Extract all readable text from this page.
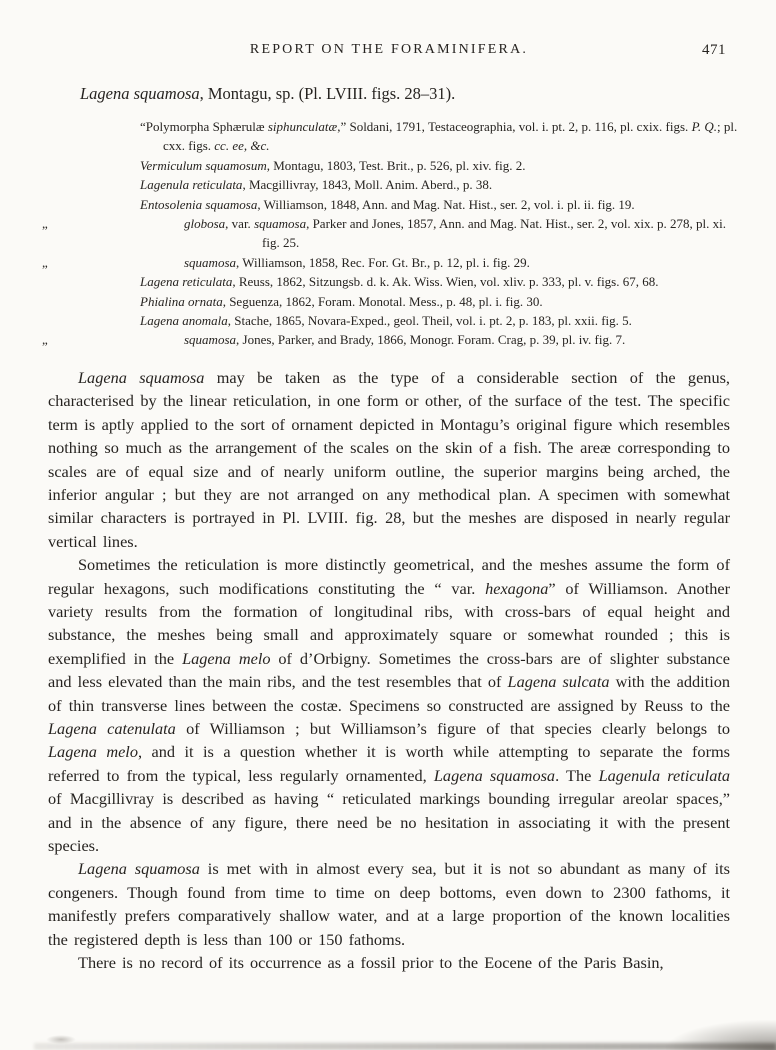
REPORT ON THE FORAMINIFERA.	471

Lagena squamosa, Montagu, sp. (Pl. LVIII. figs. 28–31).

“Polymorpha Sphærulæ siphunculatæ,” Soldani, 1791, Testaceographia, vol. i. pt. 2, p. 116, pl. cxix. figs. P. Q.; pl. cxx. figs. cc. ee, &c.
Vermiculum squamosum, Montagu, 1803, Test. Brit., p. 526, pl. xiv. fig. 2.
Lagenula reticulata, Macgillivray, 1843, Moll. Anim. Aberd., p. 38.
Entosolenia squamosa, Williamson, 1848, Ann. and Mag. Nat. Hist., ser. 2, vol. i. pl. ii. fig. 19.
„	globosa, var. squamosa, Parker and Jones, 1857, Ann. and Mag. Nat. Hist., ser. 2, vol. xix. p. 278, pl. xi. fig. 25.
„	squamosa, Williamson, 1858, Rec. For. Gt. Br., p. 12, pl. i. fig. 29.
Lagena reticulata, Reuss, 1862, Sitzungsb. d. k. Ak. Wiss. Wien, vol. xliv. p. 333, pl. v. figs. 67, 68.
Phialina ornata, Seguenza, 1862, Foram. Monotal. Mess., p. 48, pl. i. fig. 30.
Lagena anomala, Stache, 1865, Novara-Exped., geol. Theil, vol. i. pt. 2, p. 183, pl. xxii. fig. 5.
„	squamosa, Jones, Parker, and Brady, 1866, Monogr. Foram. Crag, p. 39, pl. iv. fig. 7.
Lagena squamosa may be taken as the type of a considerable section of the genus, characterised by the linear reticulation, in one form or other, of the surface of the test. The specific term is aptly applied to the sort of ornament depicted in Montagu’s original figure which resembles nothing so much as the arrangement of the scales on the skin of a fish. The areæ corresponding to scales are of equal size and of nearly uniform outline, the superior margins being arched, the inferior angular ; but they are not arranged on any methodical plan. A specimen with somewhat similar characters is portrayed in Pl. LVIII. fig. 28, but the meshes are disposed in nearly regular vertical lines.
Sometimes the reticulation is more distinctly geometrical, and the meshes assume the form of regular hexagons, such modifications constituting the “ var. hexagona” of Williamson. Another variety results from the formation of longitudinal ribs, with cross-bars of equal height and substance, the meshes being small and approximately square or somewhat rounded ; this is exemplified in the Lagena melo of d’Orbigny. Sometimes the cross-bars are of slighter substance and less elevated than the main ribs, and the test resembles that of Lagena sulcata with the addition of thin transverse lines between the costæ. Specimens so constructed are assigned by Reuss to the Lagena catenulata of Williamson ; but Williamson’s figure of that species clearly belongs to Lagena melo, and it is a question whether it is worth while attempting to separate the forms referred to from the typical, less regularly ornamented, Lagena squamosa. The Lagenula reticulata of Macgillivray is described as having “ reticulated markings bounding irregular areolar spaces,” and in the absence of any figure, there need be no hesitation in associating it with the present species.
Lagena squamosa is met with in almost every sea, but it is not so abundant as many of its congeners. Though found from time to time on deep bottoms, even down to 2300 fathoms, it manifestly prefers comparatively shallow water, and at a large proportion of the known localities the registered depth is less than 100 or 150 fathoms.
There is no record of its occurrence as a fossil prior to the Eocene of the Paris Basin,
